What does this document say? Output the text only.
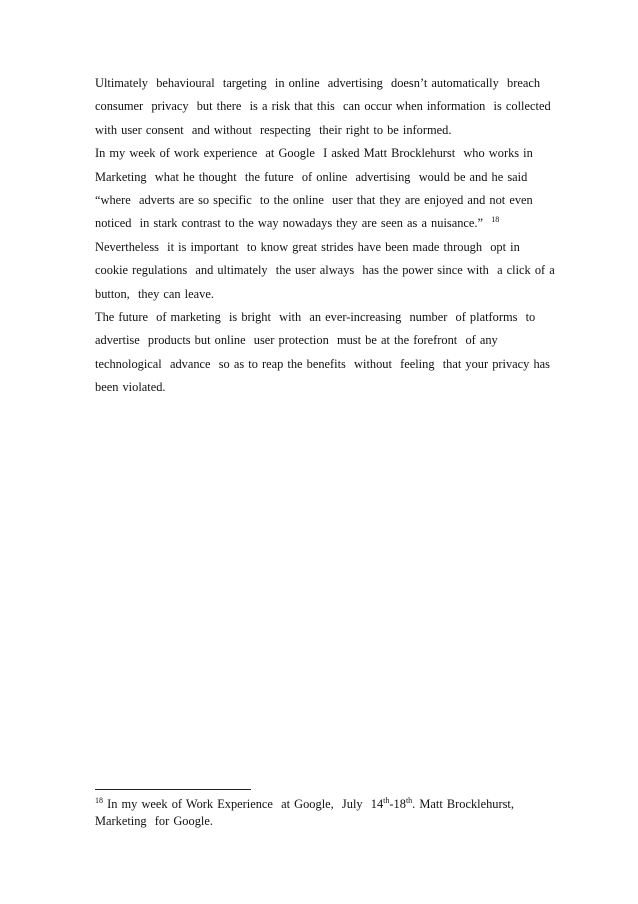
Ultimately  behavioural  targeting  in online  advertising  doesn’t automatically  breach
consumer  privacy  but there  is a risk that this  can occur when information  is collected
with user consent  and without  respecting  their right to be informed.
In my week of work experience  at Google  I asked Matt Brocklehurst  who works in
Marketing  what he thought  the future  of online  advertising  would be and he said
“where  adverts are so specific  to the online  user that they are enjoyed and not even
noticed  in stark contrast to the way nowadays they are seen as a nuisance.” $^{18}$
Nevertheless  it is important  to know great strides have been made through  opt in
cookie regulations  and ultimately  the user always  has the power since with  a click of a
button,  they can leave.
The future  of marketing  is bright  with  an ever-increasing  number  of platforms  to
advertise  products but online  user protection  must be at the forefront  of any
technological  advance  so as to reap the benefits  without  feeling  that your privacy has
been violated.
$^{18}$ In my week of Work Experience  at Google,  July  14th-18th. Matt Brocklehurst,
Marketing  for Google.
